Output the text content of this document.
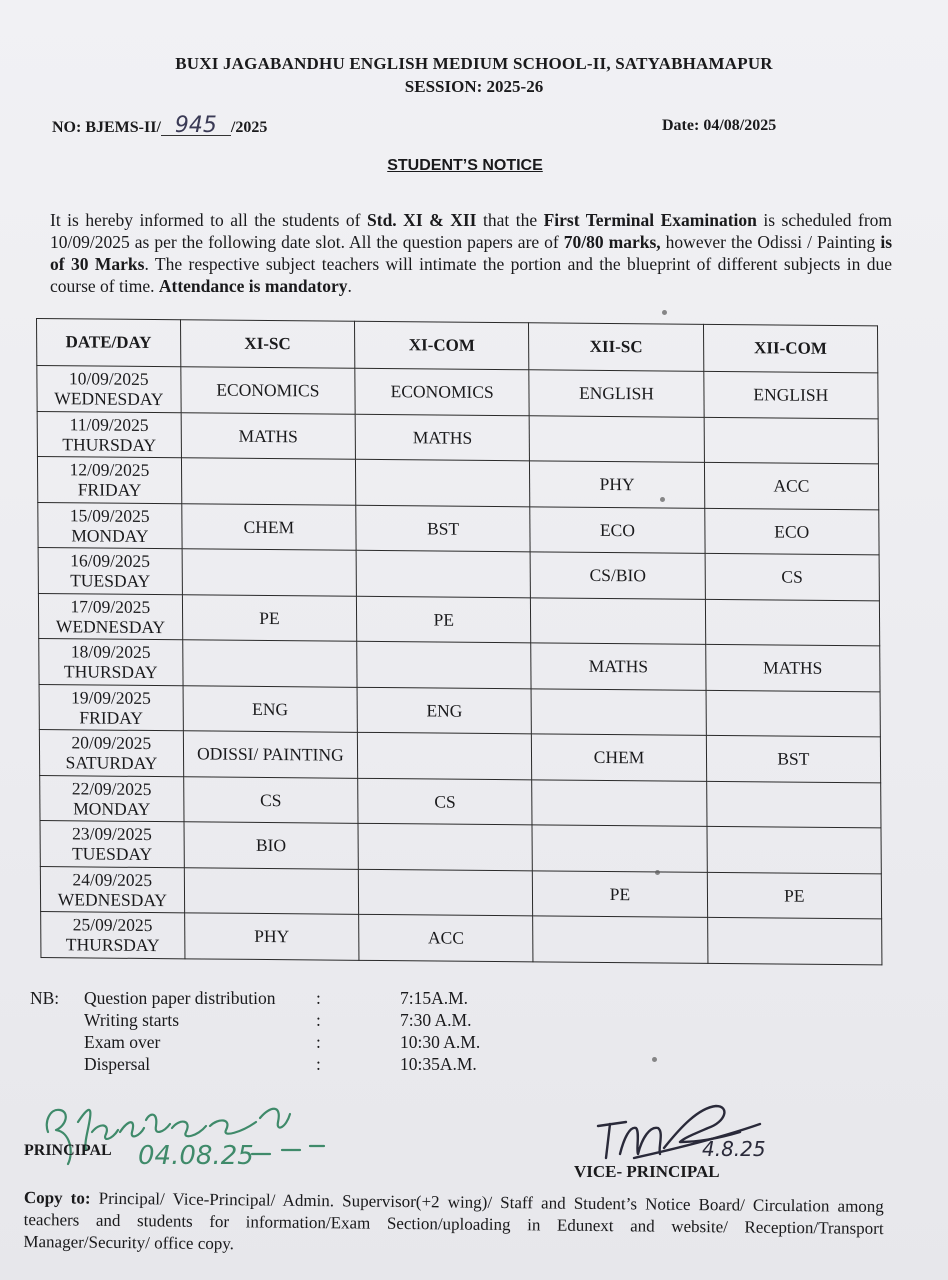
BUXI JAGABANDHU ENGLISH MEDIUM SCHOOL-II, SATYABHAMAPUR
SESSION: 2025-26
NO: BJEMS-II/ 945 /2025	Date: 04/08/2025
STUDENT’S NOTICE
It is hereby informed to all the students of Std. XI & XII that the First Terminal Examination is scheduled from 10/09/2025 as per the following date slot. All the question papers are of 70/80 marks, however the Odissi / Painting is of 30 Marks. The respective subject teachers will intimate the portion and the blueprint of different subjects in due course of time. Attendance is mandatory.
DATE/DAY	XI-SC	XI-COM	XII-SC	XII-COM

10/09/2025
WEDNESDAY	ECONOMICS	ECONOMICS	ENGLISH	ENGLISH

11/09/2025
THURSDAY	MATHS	MATHS		

12/09/2025
FRIDAY			PHY	ACC

15/09/2025
MONDAY	CHEM	BST	ECO	ECO

16/09/2025
TUESDAY			CS/BIO	CS

17/09/2025
WEDNESDAY	PE	PE		

18/09/2025
THURSDAY			MATHS	MATHS

19/09/2025
FRIDAY	ENG	ENG		

20/09/2025
SATURDAY	ODISSI/ PAINTING		CHEM	BST

22/09/2025
MONDAY	CS	CS		

23/09/2025
TUESDAY	BIO			

24/09/2025
WEDNESDAY			PE	PE

25/09/2025
THURSDAY	PHY	ACC		
NB: Question paper distribution :	7:15A.M.
Writing starts	:	7:30 A.M.
Exam over	:	10:30 A.M.
Dispersal	:	10:35A.M.
04.08.25	4.8.25
PRINCIPAL
VICE- PRINCIPAL
Copy to: Principal/ Vice-Principal/ Admin. Supervisor(+2 wing)/ Staff and Student’s Notice Board/ Circulation among teachers and students for information/Exam Section/uploading in Edunext and website/ Reception/Transport Manager/Security/ office copy.
